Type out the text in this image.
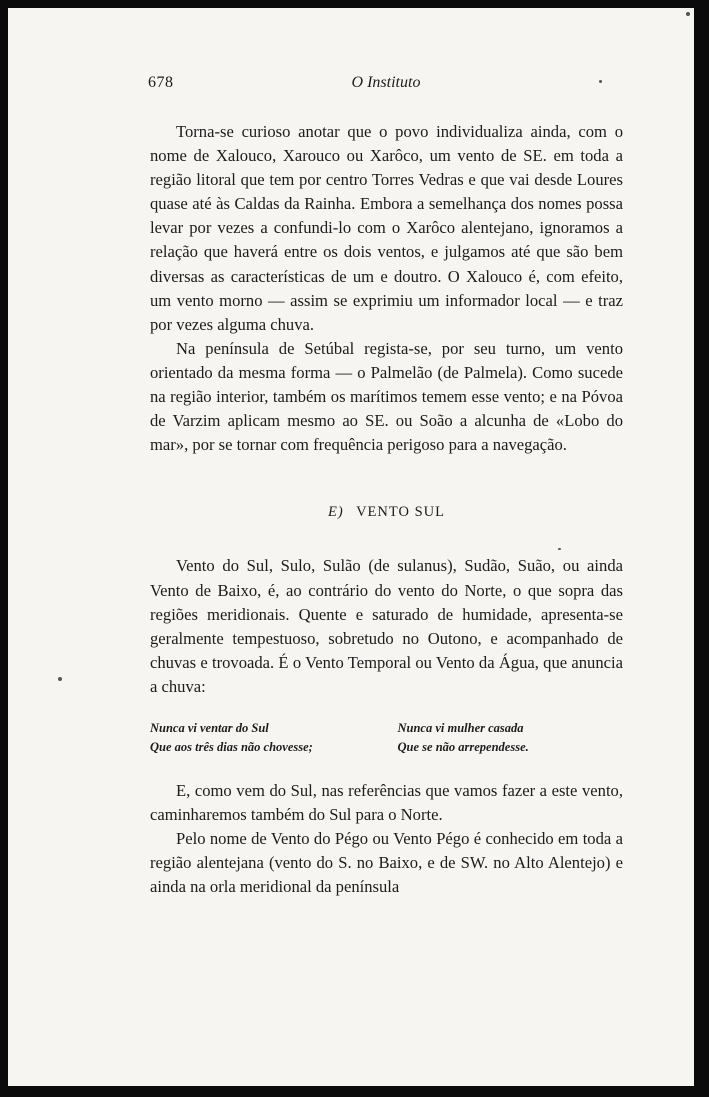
678	O Instituto

Torna-se curioso anotar que o povo individualiza ainda, com o nome de Xalouco, Xarouco ou Xarôco, um vento de SE. em toda a região litoral que tem por centro Torres Vedras e que vai desde Loures quase até às Caldas da Rainha. Embora a semelhança dos nomes possa levar por vezes a confundi-lo com o Xarôco alentejano, ignoramos a relação que haverá entre os dois ventos, e julgamos até que são bem diversas as características de um e doutro. O Xalouco é, com efeito, um vento morno — assim se exprimiu um informador local — e traz por vezes alguma chuva.

Na península de Setúbal regista-se, por seu turno, um vento orientado da mesma forma — o Palmelão (de Palmela). Como sucede na região interior, também os marítimos temem esse vento; e na Póvoa de Varzim aplicam mesmo ao SE. ou Soão a alcunha de «Lobo do mar», por se tornar com frequência perigoso para a navegação.

E) VENTO SUL

Vento do Sul, Sulo, Sulão (de sulanus), Sudão, Suão, ou ainda Vento de Baixo, é, ao contrário do vento do Norte, o que sopra das regiões meridionais. Quente e saturado de humidade, apresenta-se geralmente tempestuoso, sobretudo no Outono, e acompanhado de chuvas e trovoada. É o Vento Temporal ou Vento da Água, que anuncia a chuva:

Nunca vi ventar do Sul
Que aos três dias não chovesse;
Nunca vi mulher casada
Que se não arrependesse.

E, como vem do Sul, nas referências que vamos fazer a este vento, caminharemos também do Sul para o Norte.

Pelo nome de Vento do Pégo ou Vento Pégo é conhecido em toda a região alentejana (vento do S. no Baixo, e de SW. no Alto Alentejo) e ainda na orla meridional da península
